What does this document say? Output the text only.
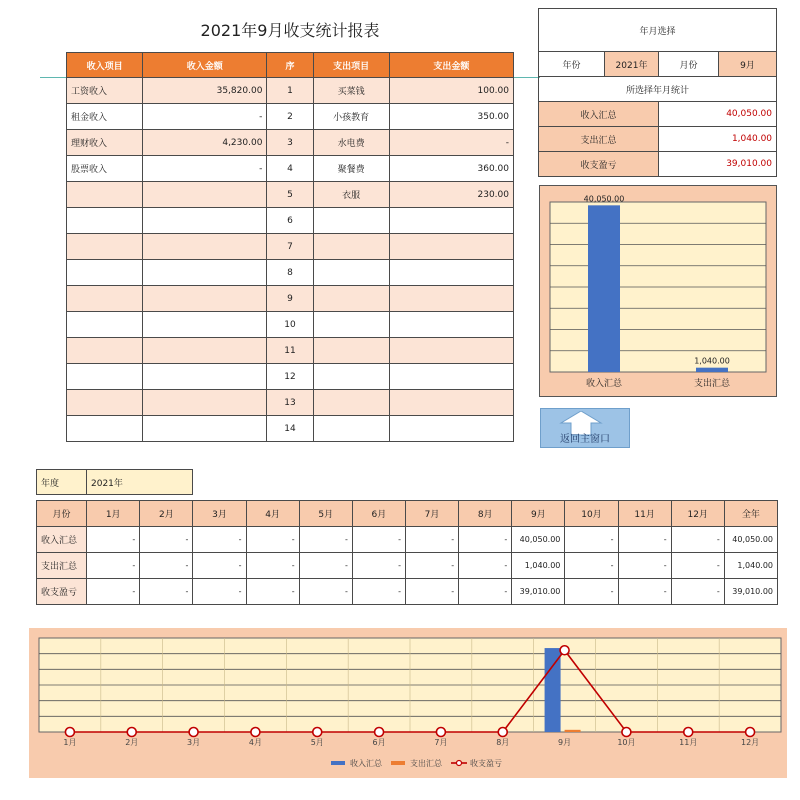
2021年9月收支统计报表
收入项目	收入金额	序	支出项目	支出金额
工资收入	35,820.00	1	买菜钱	100.00
租金收入	-	2	小孩教育	350.00
理财收入	4,230.00	3	水电费	-
股票收入	-	4	聚餐费	360.00
		5	衣服	230.00
		6		
		7		
		8		
		9		
		10		
		11		
		12		
		13		
		14		
年月选择			
年份	2021年	月份	9月
所选择年月统计			
收入汇总		40,050.00	
支出汇总		1,040.00	
收支盈亏		39,010.00	
40,050.00
收入汇总
1,040.00
支出汇总
返回主窗口
年度	2021年
月份	1月	2月	3月	4月	5月	6月	7月	8月	9月	10月	11月	12月	全年
收入汇总	-	-	-	-	-	-	-	-	40,050.00	-	-	-	40,050.00
支出汇总	-	-	-	-	-	-	-	-	1,040.00	-	-	-	1,040.00
收支盈亏	-	-	-	-	-	-	-	-	39,010.00	-	-	-	39,010.00
1月	2月	3月	4月	5月	6月	7月	8月	9月	10月	11月	12月
收入汇总	支出汇总	收支盈亏
